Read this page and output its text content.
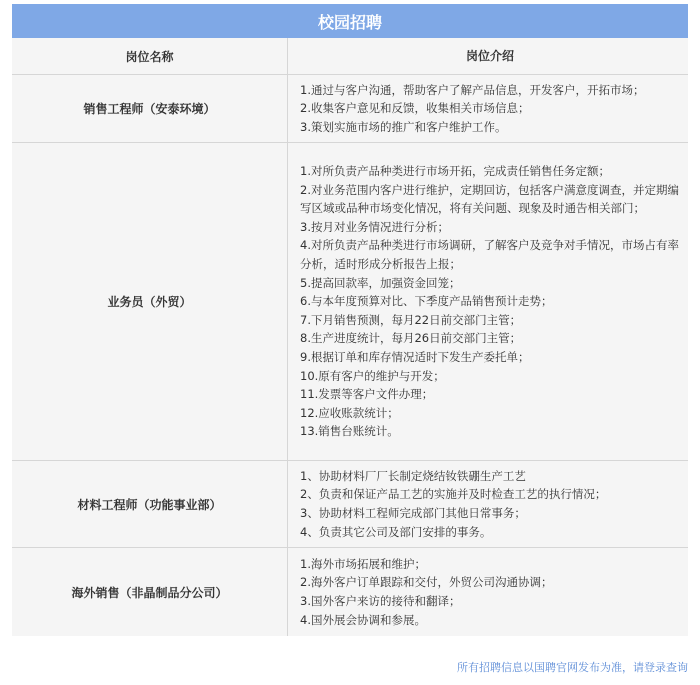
校园招聘
岗位名称	岗位介绍
销售工程师（安泰环境）
1.通过与客户沟通，帮助客户了解产品信息，开发客户，开拓市场；
2.收集客户意见和反馈，收集相关市场信息；
3.策划实施市场的推广和客户维护工作。
业务员（外贸）
1.对所负责产品种类进行市场开拓，完成责任销售任务定额；
2.对业务范围内客户进行维护，定期回访，包括客户满意度调查，并定期编写区域或品种市场变化情况，将有关问题、现象及时通告相关部门；
3.按月对业务情况进行分析；
4.对所负责产品种类进行市场调研，了解客户及竞争对手情况，市场占有率分析，适时形成分析报告上报；
5.提高回款率，加强资金回笼；
6.与本年度预算对比、下季度产品销售预计走势；
7.下月销售预测，每月22日前交部门主管；
8.生产进度统计，每月26日前交部门主管；
9.根据订单和库存情况适时下发生产委托单；
10.原有客户的维护与开发；
11.发票等客户文件办理；
12.应收账款统计；
13.销售台账统计。
材料工程师（功能事业部）
1、协助材料厂厂长制定烧结钕铁硼生产工艺
2、负责和保证产品工艺的实施并及时检查工艺的执行情况；
3、协助材料工程师完成部门其他日常事务；
4、负责其它公司及部门安排的事务。
海外销售（非晶制品分公司）
1.海外市场拓展和维护；
2.海外客户订单跟踪和交付，外贸公司沟通协调；
3.国外客户来访的接待和翻译；
4.国外展会协调和参展。
所有招聘信息以国聘官网发布为准，请登录查询
